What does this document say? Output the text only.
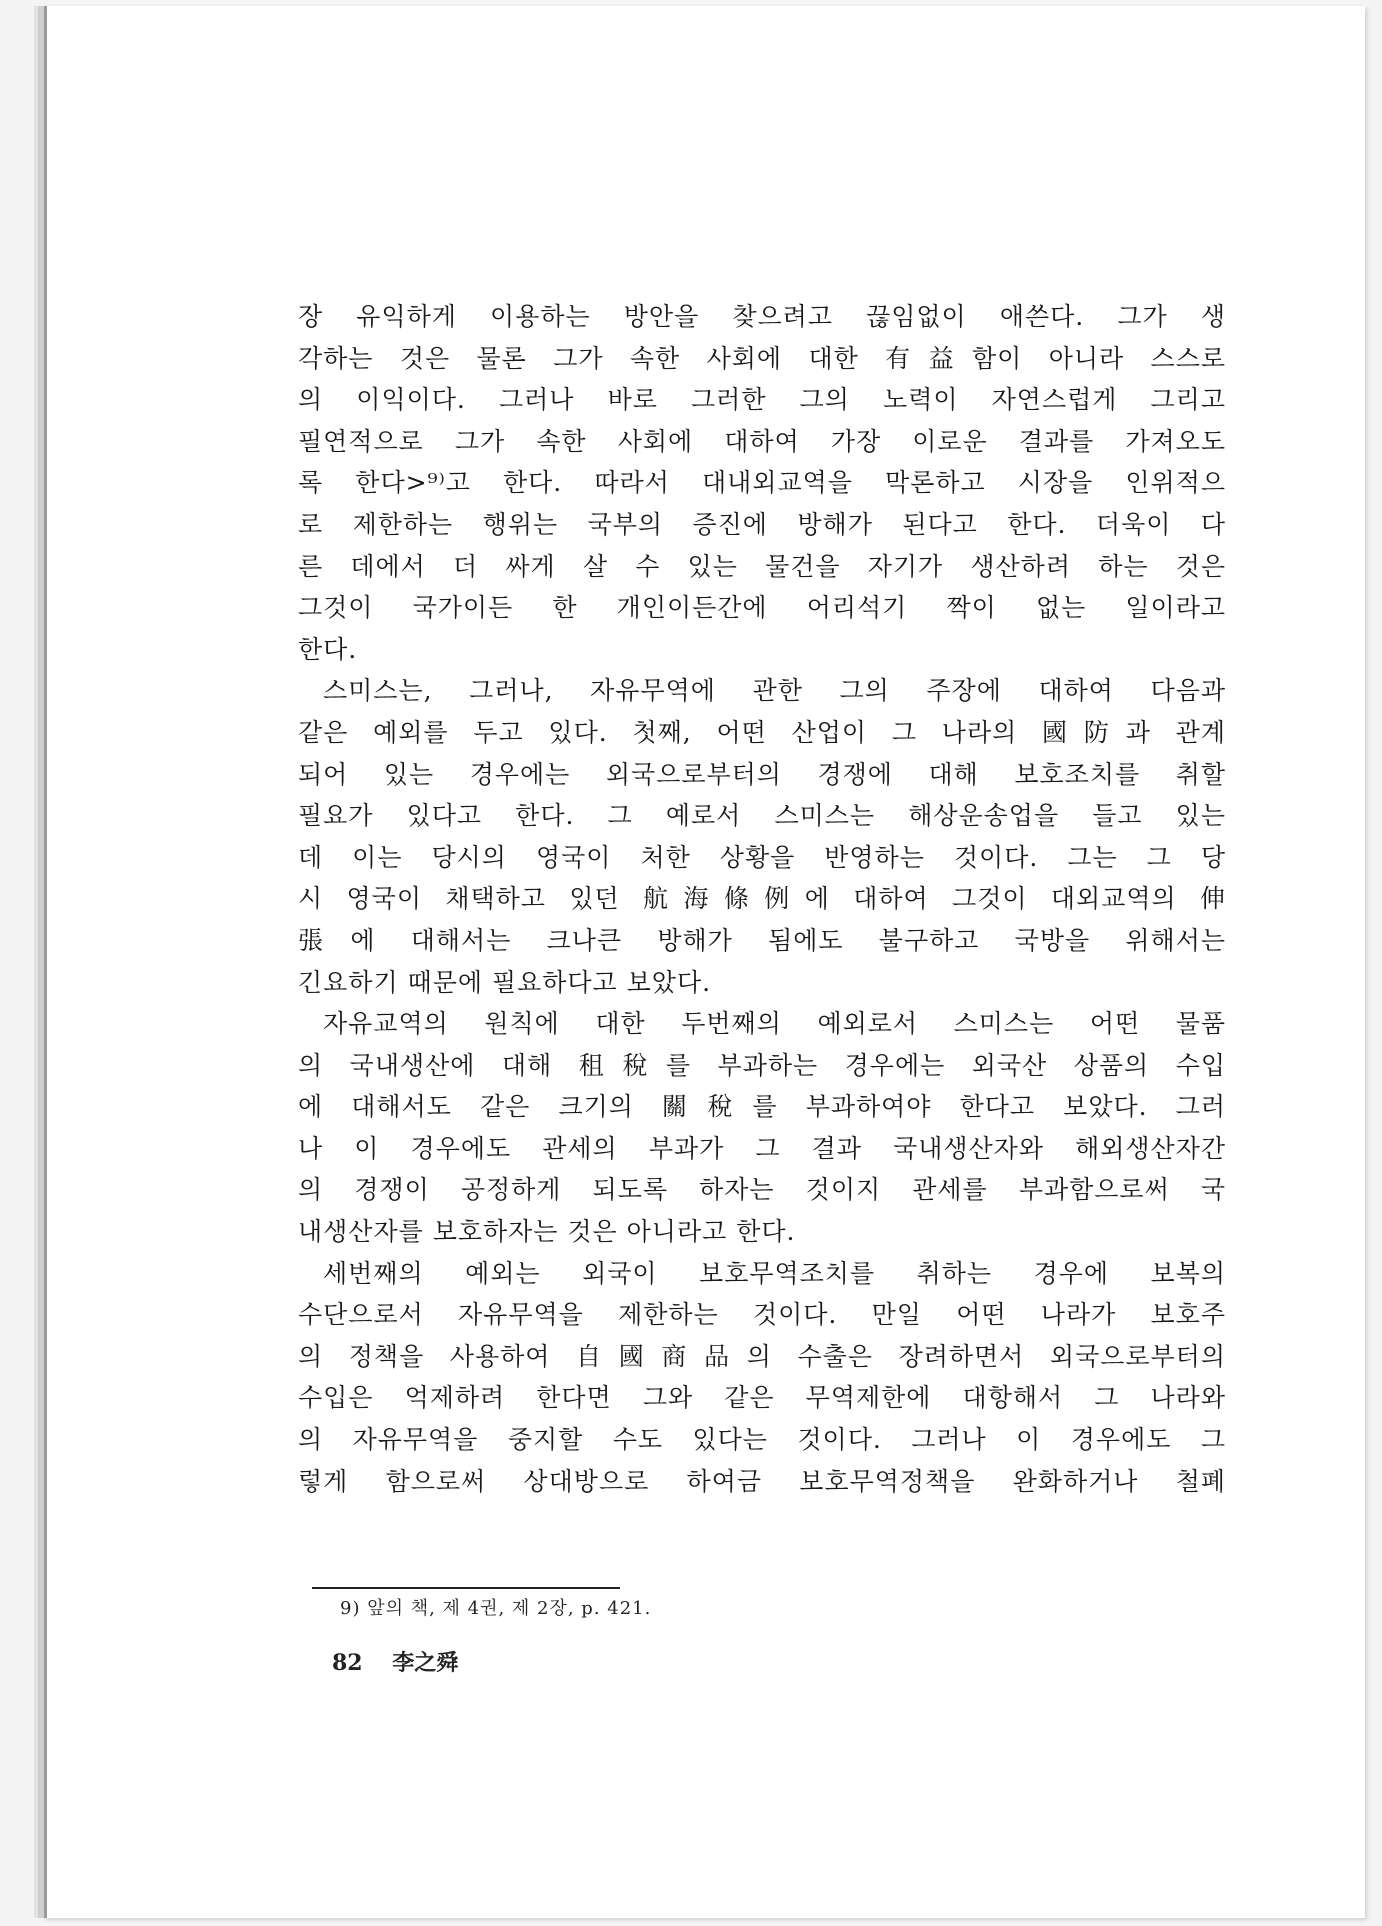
장 유익하게 이용하는 방안을 찾으려고 끊임없이 애쓴다. 그가 생
각하는 것은 물론 그가 속한 사회에 대한 有益함이 아니라 스스로
의 이익이다. 그러나 바로 그러한 그의 노력이 자연스럽게 그리고
필연적으로 그가 속한 사회에 대하여 가장 이로운 결과를 가져오도
록 한다>⁹⁾고 한다. 따라서 대내외교역을 막론하고 시장을 인위적으
로 제한하는 행위는 국부의 증진에 방해가 된다고 한다. 더욱이 다
른 데에서 더 싸게 살 수 있는 물건을 자기가 생산하려 하는 것은
그것이 국가이든 한 개인이든간에 어리석기 짝이 없는 일이라고
한다.
스미스는, 그러나, 자유무역에 관한 그의 주장에 대하여 다음과
같은 예외를 두고 있다. 첫째, 어떤 산업이 그 나라의 國防과 관계
되어 있는 경우에는 외국으로부터의 경쟁에 대해 보호조치를 취할
필요가 있다고 한다. 그 예로서 스미스는 해상운송업을 들고 있는
데 이는 당시의 영국이 처한 상황을 반영하는 것이다. 그는 그 당
시 영국이 채택하고 있던 航海條例에 대하여 그것이 대외교역의 伸
張에 대해서는 크나큰 방해가 됨에도 불구하고 국방을 위해서는
긴요하기 때문에 필요하다고 보았다.
자유교역의 원칙에 대한 두번째의 예외로서 스미스는 어떤 물품
의 국내생산에 대해 租稅를 부과하는 경우에는 외국산 상품의 수입
에 대해서도 같은 크기의 關稅를 부과하여야 한다고 보았다. 그러
나 이 경우에도 관세의 부과가 그 결과 국내생산자와 해외생산자간
의 경쟁이 공정하게 되도록 하자는 것이지 관세를 부과함으로써 국
내생산자를 보호하자는 것은 아니라고 한다.
세번째의 예외는 외국이 보호무역조치를 취하는 경우에 보복의
수단으로서 자유무역을 제한하는 것이다. 만일 어떤 나라가 보호주
의 정책을 사용하여 自國商品의 수출은 장려하면서 외국으로부터의
수입은 억제하려 한다면 그와 같은 무역제한에 대항해서 그 나라와
의 자유무역을 중지할 수도 있다는 것이다. 그러나 이 경우에도 그
렇게 함으로써 상대방으로 하여금 보호무역정책을 완화하거나 철폐
9) 앞의 책, 제 4권, 제 2장, p. 421.
82 李之舜
